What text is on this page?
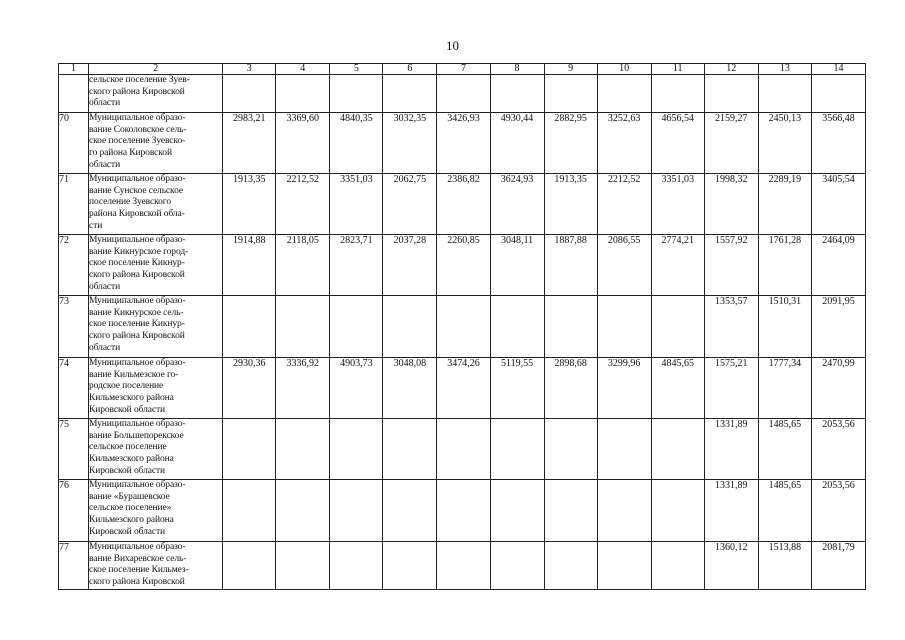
10
1	2	3	4	5	6	7	8	9	10	11	12	13	14

	сельское поселение Зуев-
ского района Кировской
области												

70	Муниципальное образо-
вание Соколовское сель-
ское поселение Зуевско-
го района Кировской
области	2983,21	3369,60	4840,35	3032,35	3426,93	4930,44	2882,95	3252,63	4656,54	2159,27	2450,13	3566,48
71	Муниципальное образо-
вание Сунское сельское
поселение Зуевского
района Кировской обла-
сти	1913,35	2212,52	3351,03	2062,75	2386,82	3624,93	1913,35	2212,52	3351,03	1998,32	2289,19	3405,54
72	Муниципальное образо-
вание Кикнурское город-
ское поселение Кикнур-
ского района Кировской
области	1914,88	2118,05	2823,71	2037,28	2260,85	3048,11	1887,88	2086,55	2774,21	1557,92	1761,28	2464,09
73	Муниципальное образо-
вание Кикнурское сель-
ское поселение Кикнур-
ского района Кировской
области										1353,57	1510,31	2091,95
74	Муниципальное образо-
вание Кильмезское го-
родское поселение
Кильмезского района
Кировской области	2930,36	3336,92	4903,73	3048,08	3474,26	5119,55	2898,68	3299,96	4845,65	1575,21	1777,34	2470,99
75	Муниципальное образо-
вание Большепорекское
сельское поселение
Кильмезского района
Кировской области										1331,89	1485,65	2053,56
76	Муниципальное образо-
вание «Бурашевское
сельское поселение»
Кильмезского района
Кировской области										1331,89	1485,65	2053,56
77	Муниципальное образо-
вание Вихаревское сель-
ское поселение Кильмез-
ского района Кировской										1360,12	1513,88	2081,79
